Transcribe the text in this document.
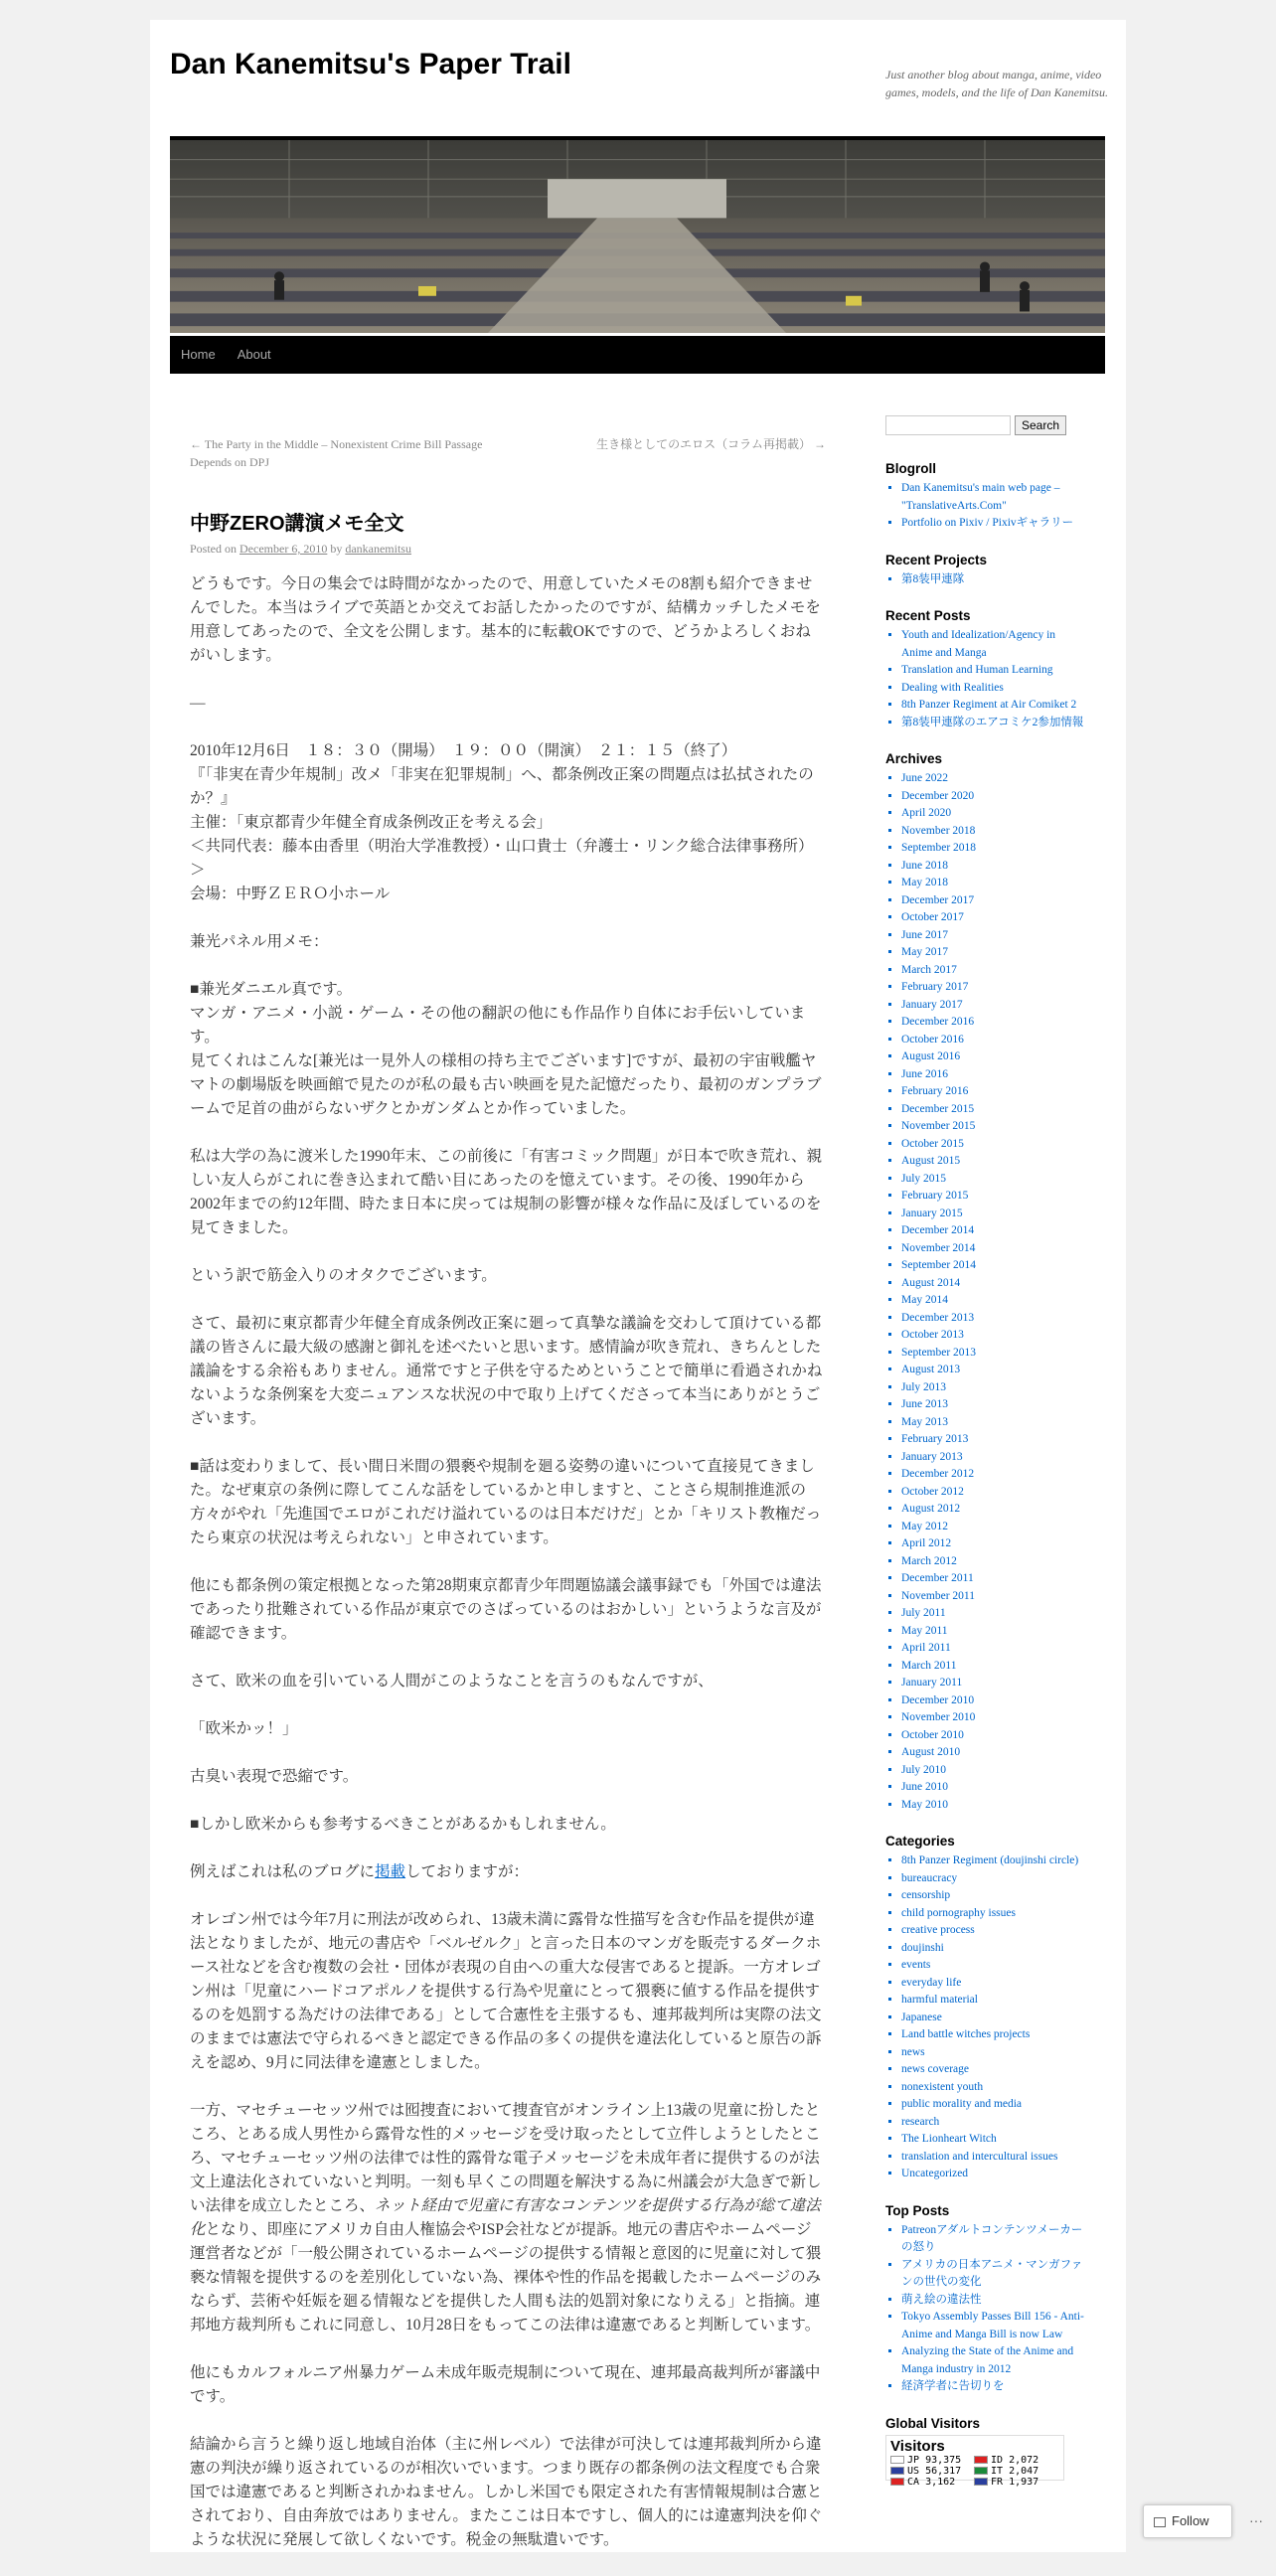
Dan Kanemitsu's Paper Trail	Just another blog about manga, anime, video games, models, and the life of Dan Kanemitsu.
Home	About
← The Party in the Middle – Nonexistent Crime Bill Passage Depends on DPJ
生き様としてのエロス（コラム再掲載） →
中野ZERO講演メモ全文
Posted on December 6, 2010 by dankanemitsu

どうもです。今日の集会では時間がなかったので、用意していたメモの8割も紹介できませんでした。本当はライブで英語とか交えてお話したかったのですが、結構カッチしたメモを用意してあったので、全文を公開します。基本的に転載OKですので、どうかよろしくおねがいします。

—

2010年12月6日　１８：３０（開場）　１９：００（開演）　２１：１５（終了）
『「非実在青少年規制」改メ「非実在犯罪規制」へ、都条例改正案の問題点は払拭されたのか？』
主催：「東京都青少年健全育成条例改正を考える会」
＜共同代表：藤本由香里（明治大学准教授）・山口貴士（弁護士・リンク総合法律事務所）＞
会場：中野ＺＥＲＯ小ホール

兼光パネル用メモ：

■兼光ダニエル真です。
マンガ・アニメ・小説・ゲーム・その他の翻訳の他にも作品作り自体にお手伝いしています。
見てくれはこんな[兼光は一見外人の様相の持ち主でございます]ですが、最初の宇宙戦艦ヤマトの劇場版を映画館で見たのが私の最も古い映画を見た記憶だったり、最初のガンプラブームで足首の曲がらないザクとかガンダムとか作っていました。

私は大学の為に渡米した1990年末、この前後に「有害コミック問題」が日本で吹き荒れ、親しい友人らがこれに巻き込まれて酷い目にあったのを憶えています。その後、1990年から2002年までの約12年間、時たま日本に戻っては規制の影響が様々な作品に及ぼしているのを見てきました。

という訳で筋金入りのオタクでございます。

さて、最初に東京都青少年健全育成条例改正案に廻って真摯な議論を交わして頂けている都議の皆さんに最大級の感謝と御礼を述べたいと思います。感情論が吹き荒れ、きちんとした議論をする余裕もありません。通常ですと子供を守るためということで簡単に看過されかねないような条例案を大変ニュアンスな状況の中で取り上げてくださって本当にありがとうございます。

■話は変わりまして、長い間日米間の猥褻や規制を廻る姿勢の違いについて直接見てきました。なぜ東京の条例に際してこんな話をしているかと申しますと、ことさら規制推進派の方々がやれ「先進国でエロがこれだけ溢れているのは日本だけだ」とか「キリスト教権だったら東京の状況は考えられない」と申されています。

他にも都条例の策定根拠となった第28期東京都青少年問題協議会議事録でも「外国では違法であったり批難されている作品が東京でのさばっているのはおかしい」というような言及が確認できます。

さて、欧米の血を引いている人間がこのようなことを言うのもなんですが、

「欧米かッ！」

古臭い表現で恐縮です。

■しかし欧米からも参考するべきことがあるかもしれません。

例えばこれは私のブログに掲載しておりますが：

オレゴン州では今年7月に刑法が改められ、13歳未満に露骨な性描写を含む作品を提供が違法となりましたが、地元の書店や「ベルゼルク」と言った日本のマンガを販売するダークホース社などを含む複数の会社・団体が表現の自由への重大な侵害であると提訴。一方オレゴン州は「児童にハードコアポルノを提供する行為や児童にとって猥褻に値する作品を提供するのを処罰する為だけの法律である」として合憲性を主張するも、連邦裁判所は実際の法文のままでは憲法で守られるべきと認定できる作品の多くの提供を違法化していると原告の訴えを認め、9月に同法律を違憲としました。

一方、マセチューセッツ州では囮捜査において捜査官がオンライン上13歳の児童に扮したところ、とある成人男性から露骨な性的メッセージを受け取ったとして立件しようとしたところ、マセチューセッツ州の法律では性的露骨な電子メッセージを未成年者に提供するのが法文上違法化されていないと判明。一刻も早くこの問題を解決する為に州議会が大急ぎで新しい法律を成立したところ、ネット経由で児童に有害なコンテンツを提供する行為が総て違法化となり、即座にアメリカ自由人権協会やISP会社などが提訴。地元の書店やホームページ運営者などが「一般公開されているホームページの提供する情報と意図的に児童に対して猥褻な情報を提供するのを差別化していない為、裸体や性的作品を掲載したホームページのみならず、芸術や妊娠を廻る情報などを提供した人間も法的処罰対象になりえる」と指摘。連邦地方裁判所もこれに同意し、10月28日をもってこの法律は違憲であると判断しています。

他にもカルフォルニア州暴力ゲーム未成年販売規制について現在、連邦最高裁判所が審議中です。

結論から言うと繰り返し地域自治体（主に州レベル）で法律が可決しては連邦裁判所から違憲の判決が繰り返されているのが相次いでいます。つまり既存の都条例の法文程度でも合衆国では違憲であると判断されかねません。しかし米国でも限定された有害情報規制は合憲とされており、自由奔放ではありません。またここは日本ですし、個人的には違憲判決を仰ぐような状況に発展して欲しくないです。税金の無駄遣いです。

Search
Blogroll
▪ Dan Kanemitsu's main web page – "TranslativeArts.Com"
▪ Portfolio on Pixiv / Pixivギャラリー
Recent Projects
▪ 第8装甲連隊
Recent Posts
▪ Youth and Idealization/Agency in Anime and Manga
▪ Translation and Human Learning
▪ Dealing with Realities
▪ 8th Panzer Regiment at Air Comiket 2
▪ 第8装甲連隊のエアコミケ2参加情報
Archives
▪ June 2022
▪ December 2020
▪ April 2020
▪ November 2018
▪ September 2018
▪ June 2018
▪ May 2018
▪ December 2017
▪ October 2017
▪ June 2017
▪ May 2017
▪ March 2017
▪ February 2017
▪ January 2017
▪ December 2016
▪ October 2016
▪ August 2016
▪ June 2016
▪ February 2016
▪ December 2015
▪ November 2015
▪ October 2015
▪ August 2015
▪ July 2015
▪ February 2015
▪ January 2015
▪ December 2014
▪ November 2014
▪ September 2014
▪ August 2014
▪ May 2014
▪ December 2013
▪ October 2013
▪ September 2013
▪ August 2013
▪ July 2013
▪ June 2013
▪ May 2013
▪ February 2013
▪ January 2013
▪ December 2012
▪ October 2012
▪ August 2012
▪ May 2012
▪ April 2012
▪ March 2012
▪ December 2011
▪ November 2011
▪ July 2011
▪ May 2011
▪ April 2011
▪ March 2011
▪ January 2011
▪ December 2010
▪ November 2010
▪ October 2010
▪ August 2010
▪ July 2010
▪ June 2010
▪ May 2010
Categories
▪ 8th Panzer Regiment (doujinshi circle)
▪ bureaucracy
▪ censorship
▪ child pornography issues
▪ creative process
▪ doujinshi
▪ events
▪ everyday life
▪ harmful material
▪ Japanese
▪ Land battle witches projects
▪ news
▪ news coverage
▪ nonexistent youth
▪ public morality and media
▪ research
▪ The Lionheart Witch
▪ translation and intercultural issues
▪ Uncategorized
Top Posts
▪ Patreonアダルトコンテンツメーカーの怒り
▪ アメリカの日本アニメ・マンガファンの世代の変化
▪ 萌え絵の違法性
▪ Tokyo Assembly Passes Bill 156 - Anti-Anime and Manga Bill is now Law
▪ Analyzing the State of the Anime and Manga industry in 2012
▪ 経済学者に告切りを
Global Visitors
Visitors
JP 93,375	ID 2,072
US 56,317	IT 2,047
CA 3,162	FR 1,937
Follow	···
